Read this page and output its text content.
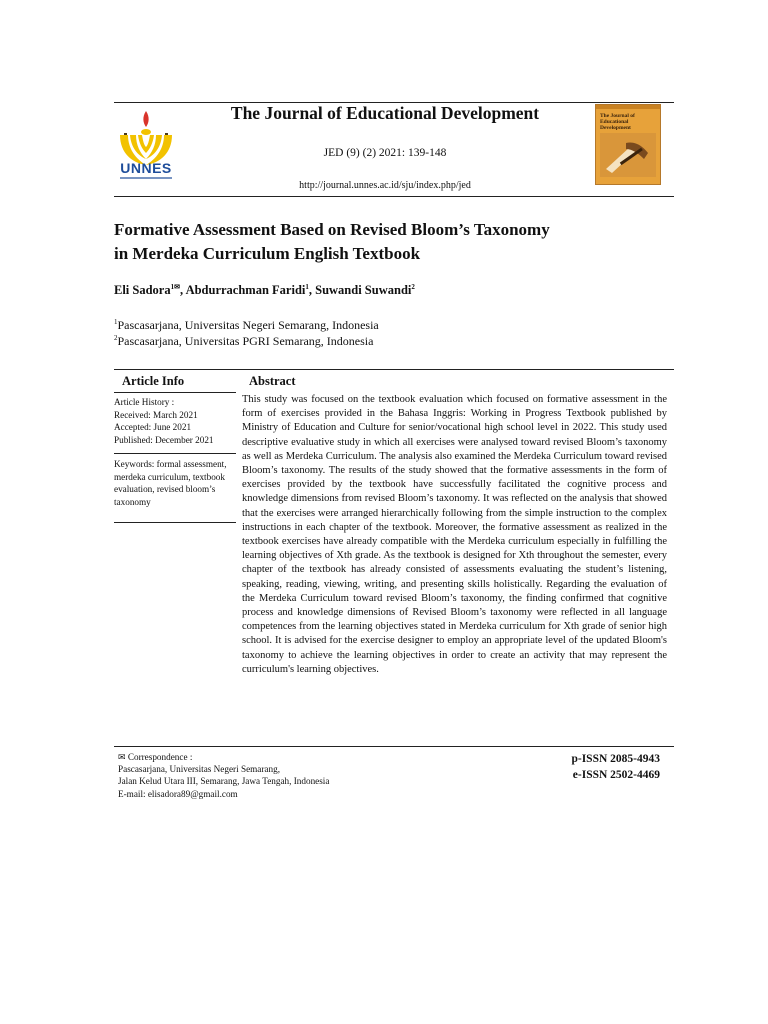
UNNES
The Journal of Educational Development
JED (9) (2) 2021: 139-148
http://journal.unnes.ac.id/sju/index.php/jed
The Journal of
Educational Development
Formative Assessment Based on Revised Bloom’s Taxonomy
in Merdeka Curriculum English Textbook
Eli Sadora$^{1✉}$, Abdurrachman Faridi$^1$, Suwandi Suwandi$^2$
$^1$Pascasarjana, Universitas Negeri Semarang, Indonesia
$^2$Pascasarjana, Universitas PGRI Semarang, Indonesia
Article Info	Abstract
Article History :
Received: March 2021
Accepted: June 2021
Published: December 2021
Keywords: formal assessment, merdeka curriculum, textbook evaluation, revised bloom’s taxonomy
This study was focused on the textbook evaluation which focused on formative assessment in the form of exercises provided in the Bahasa Inggris: Working in Progress Textbook published by Ministry of Education and Culture for senior/vocational high school level in 2022. This study used descriptive evaluative study in which all exercises were analysed toward revised Bloom’s taxonomy as well as Merdeka Curriculum. The analysis also examined the Merdeka Curriculum toward revised Bloom’s taxonomy. The results of the study showed that the formative assessments in the form of exercises provided by the textbook have successfully facilitated the cognitive process and knowledge dimensions from revised Bloom’s taxonomy. It was reflected on the analysis that showed that the exercises were arranged hierarchically following from the simple instruction to the complex instructions in each chapter of the textbook. Moreover, the formative assessment as realized in the textbook exercises have already compatible with the Merdeka curriculum especially in fulfilling the learning objectives of Xth grade. As the textbook is designed for Xth throughout the semester, every chapter of the textbook has already consisted of assessments evaluating the student’s listening, speaking, reading, viewing, writing, and presenting skills holistically. Regarding the evaluation of the Merdeka Curriculum toward revised Bloom’s taxonomy, the finding confirmed that cognitive process and knowledge dimensions of Revised Bloom’s taxonomy were reflected in all language competences from the learning objectives stated in Merdeka curriculum for Xth grade of senior high school. It is advised for the exercise designer to employ an appropriate level of the updated Bloom's taxonomy to achieve the learning objectives in order to create an activity that may represent the curriculum's learning objectives.
✉ Correspondence :
Pascasarjana, Universitas Negeri Semarang,
Jalan Kelud Utara III, Semarang, Jawa Tengah, Indonesia
E-mail: elisadora89@gmail.com
p-ISSN 2085-4943
e-ISSN 2502-4469
